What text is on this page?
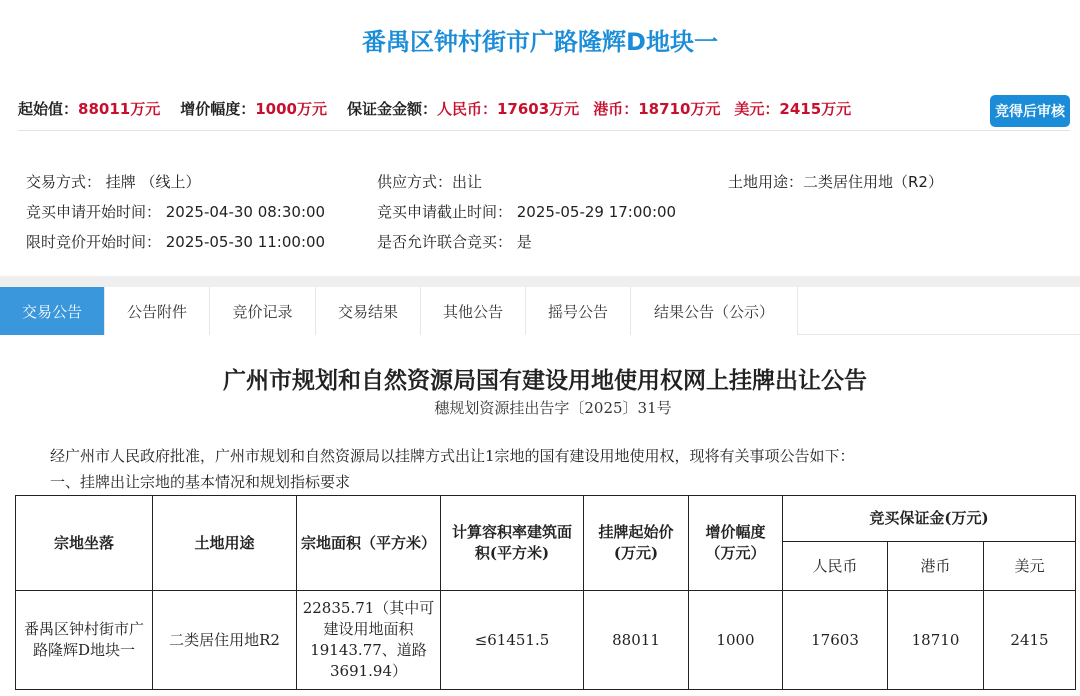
番禺区钟村街市广路隆辉D地块一
起始值： 88011万元 增价幅度： 1000万元 保证金金额： 人民币： 17603万元 港币： 18710万元 美元： 2415万元	竞得后审核
交易方式： 挂牌 （线上）	供应方式：出让	土地用途：二类居住用地（R2）
竞买申请开始时间： 2025-04-30 08:30:00	竞买申请截止时间： 2025-05-29 17:00:00
限时竞价开始时间： 2025-05-30 11:00:00	是否允许联合竞买： 是
交易公告	公告附件	竞价记录	交易结果	其他公告	摇号公告	结果公告（公示）
广州市规划和自然资源局国有建设用地使用权网上挂牌出让公告
穗规划资源挂出告字〔2025〕31号
经广州市人民政府批准，广州市规划和自然资源局以挂牌方式出让1宗地的国有建设用地使用权，现将有关事项公告如下：
一、挂牌出让宗地的基本情况和规划指标要求
宗地坐落	土地用途	宗地面积（平方米）	计算容积率建筑面积(平方米)	挂牌起始价(万元)	增价幅度（万元）	竞买保证金(万元)		
						人民币	港币	美元
番禺区钟村街市广路隆辉D地块一	二类居住用地R2	22835.71（其中可建设用地面积19143.77、道路3691.94）	≤61451.5	88011	1000	17603	18710	2415
